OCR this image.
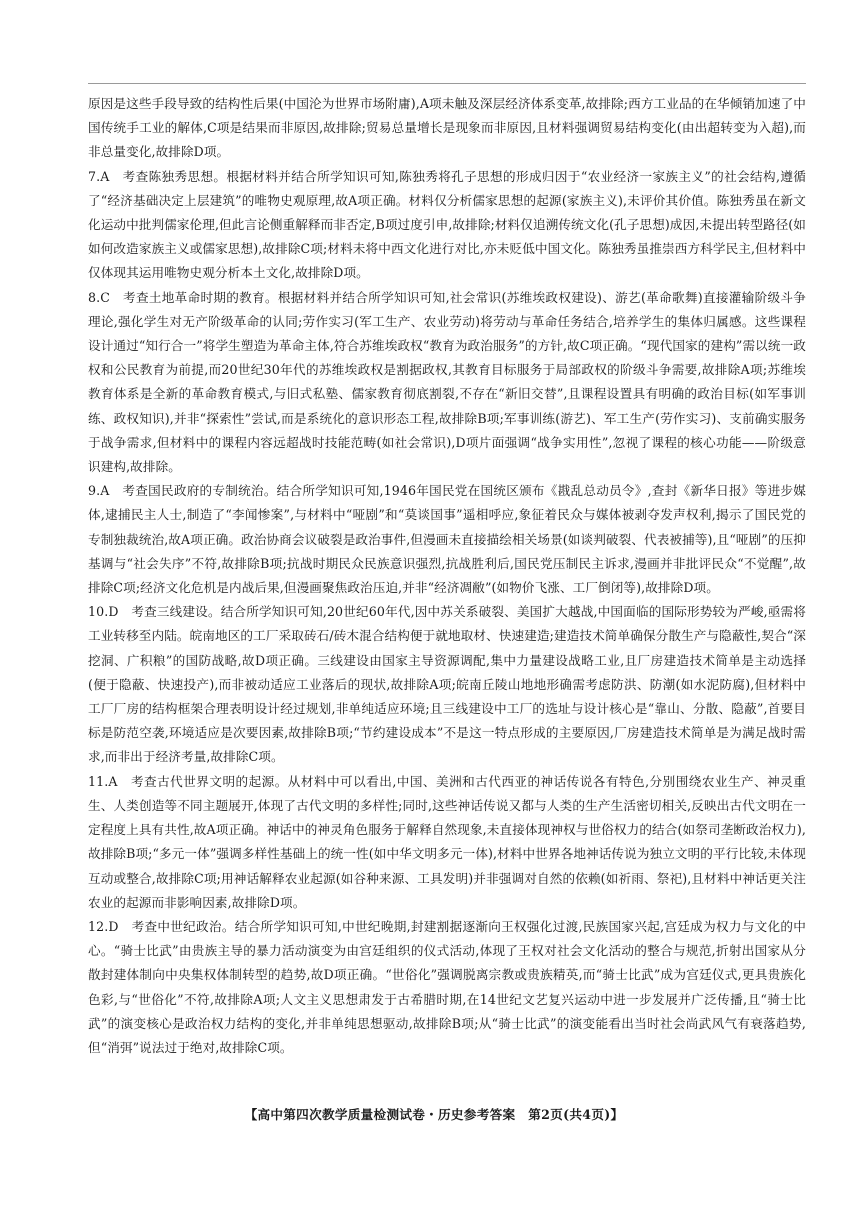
原因是这些手段导致的结构性后果(中国沦为世界市场附庸),A项未触及深层经济体系变革,故排除;西方工业品的在华倾销加速了中国传统手工业的解体,C项是结果而非原因,故排除;贸易总量增长是现象而非原因,且材料强调贸易结构变化(由出超转变为入超),而非总量变化,故排除D项。

7.A　考查陈独秀思想。根据材料并结合所学知识可知,陈独秀将孔子思想的形成归因于“农业经济一家族主义”的社会结构,遵循了“经济基础决定上层建筑”的唯物史观原理,故A项正确。材料仅分析儒家思想的起源(家族主义),未评价其价值。陈独秀虽在新文化运动中批判儒家伦理,但此言论侧重解释而非否定,B项过度引申,故排除;材料仅追溯传统文化(孔子思想)成因,未提出转型路径(如如何改造家族主义或儒家思想),故排除C项;材料未将中西文化进行对比,亦未贬低中国文化。陈独秀虽推崇西方科学民主,但材料中仅体现其运用唯物史观分析本土文化,故排除D项。

8.C　考查土地革命时期的教育。根据材料并结合所学知识可知,社会常识(苏维埃政权建设)、游艺(革命歌舞)直接灌输阶级斗争理论,强化学生对无产阶级革命的认同;劳作实习(军工生产、农业劳动)将劳动与革命任务结合,培养学生的集体归属感。这些课程设计通过“知行合一”将学生塑造为革命主体,符合苏维埃政权“教育为政治服务”的方针,故C项正确。“现代国家的建构”需以统一政权和公民教育为前提,而20世纪30年代的苏维埃政权是割据政权,其教育目标服务于局部政权的阶级斗争需要,故排除A项;苏维埃教育体系是全新的革命教育模式,与旧式私塾、儒家教育彻底割裂,不存在“新旧交替”,且课程设置具有明确的政治目标(如军事训练、政权知识),并非“探索性”尝试,而是系统化的意识形态工程,故排除B项;军事训练(游艺)、军工生产(劳作实习)、支前确实服务于战争需求,但材料中的课程内容远超战时技能范畴(如社会常识),D项片面强调“战争实用性”,忽视了课程的核心功能——阶级意识建构,故排除。

9.A　考查国民政府的专制统治。结合所学知识可知,1946年国民党在国统区颁布《戡乱总动员令》,查封《新华日报》等进步媒体,逮捕民主人士,制造了“李闻惨案”,与材料中“哑剧”和“莫谈国事”遥相呼应,象征着民众与媒体被剥夺发声权利,揭示了国民党的专制独裁统治,故A项正确。政治协商会议破裂是政治事件,但漫画未直接描绘相关场景(如谈判破裂、代表被捕等),且“哑剧”的压抑基调与“社会失序”不符,故排除B项;抗战时期民众民族意识强烈,抗战胜利后,国民党压制民主诉求,漫画并非批评民众“不觉醒”,故排除C项;经济文化危机是内战后果,但漫画聚焦政治压迫,并非“经济凋敝”(如物价飞涨、工厂倒闭等),故排除D项。

10.D　考查三线建设。结合所学知识可知,20世纪60年代,因中苏关系破裂、美国扩大越战,中国面临的国际形势较为严峻,亟需将工业转移至内陆。皖南地区的工厂采取砖石/砖木混合结构便于就地取材、快速建造;建造技术简单确保分散生产与隐蔽性,契合“深挖洞、广积粮”的国防战略,故D项正确。三线建设由国家主导资源调配,集中力量建设战略工业,且厂房建造技术简单是主动选择(便于隐蔽、快速投产),而非被动适应工业落后的现状,故排除A项;皖南丘陵山地地形确需考虑防洪、防潮(如水泥防腐),但材料中工厂厂房的结构框架合理表明设计经过规划,非单纯适应环境;且三线建设中工厂的选址与设计核心是“靠山、分散、隐蔽”,首要目标是防范空袭,环境适应是次要因素,故排除B项;“节约建设成本”不是这一特点形成的主要原因,厂房建造技术简单是为满足战时需求,而非出于经济考量,故排除C项。

11.A　考查古代世界文明的起源。从材料中可以看出,中国、美洲和古代西亚的神话传说各有特色,分别围绕农业生产、神灵重生、人类创造等不同主题展开,体现了古代文明的多样性;同时,这些神话传说又都与人类的生产生活密切相关,反映出古代文明在一定程度上具有共性,故A项正确。神话中的神灵角色服务于解释自然现象,未直接体现神权与世俗权力的结合(如祭司垄断政治权力),故排除B项;“多元一体”强调多样性基础上的统一性(如中华文明多元一体),材料中世界各地神话传说为独立文明的平行比较,未体现互动或整合,故排除C项;用神话解释农业起源(如谷种来源、工具发明)并非强调对自然的依赖(如祈雨、祭祀),且材料中神话更关注农业的起源而非影响因素,故排除D项。

12.D　考查中世纪政治。结合所学知识可知,中世纪晚期,封建割据逐渐向王权强化过渡,民族国家兴起,宫廷成为权力与文化的中心。“骑士比武”由贵族主导的暴力活动演变为由宫廷组织的仪式活动,体现了王权对社会文化活动的整合与规范,折射出国家从分散封建体制向中央集权体制转型的趋势,故D项正确。“世俗化”强调脱离宗教或贵族精英,而“骑士比武”成为宫廷仪式,更具贵族化色彩,与“世俗化”不符,故排除A项;人文主义思想肃发于古希腊时期,在14世纪文艺复兴运动中进一步发展并广泛传播,且“骑士比武”的演变核心是政治权力结构的变化,并非单纯思想驱动,故排除B项;从“骑士比武”的演变能看出当时社会尚武风气有衰落趋势,但“消弭”说法过于绝对,故排除C项。

【高中第四次教学质量检测试卷・历史参考答案　第2页(共4页)】
